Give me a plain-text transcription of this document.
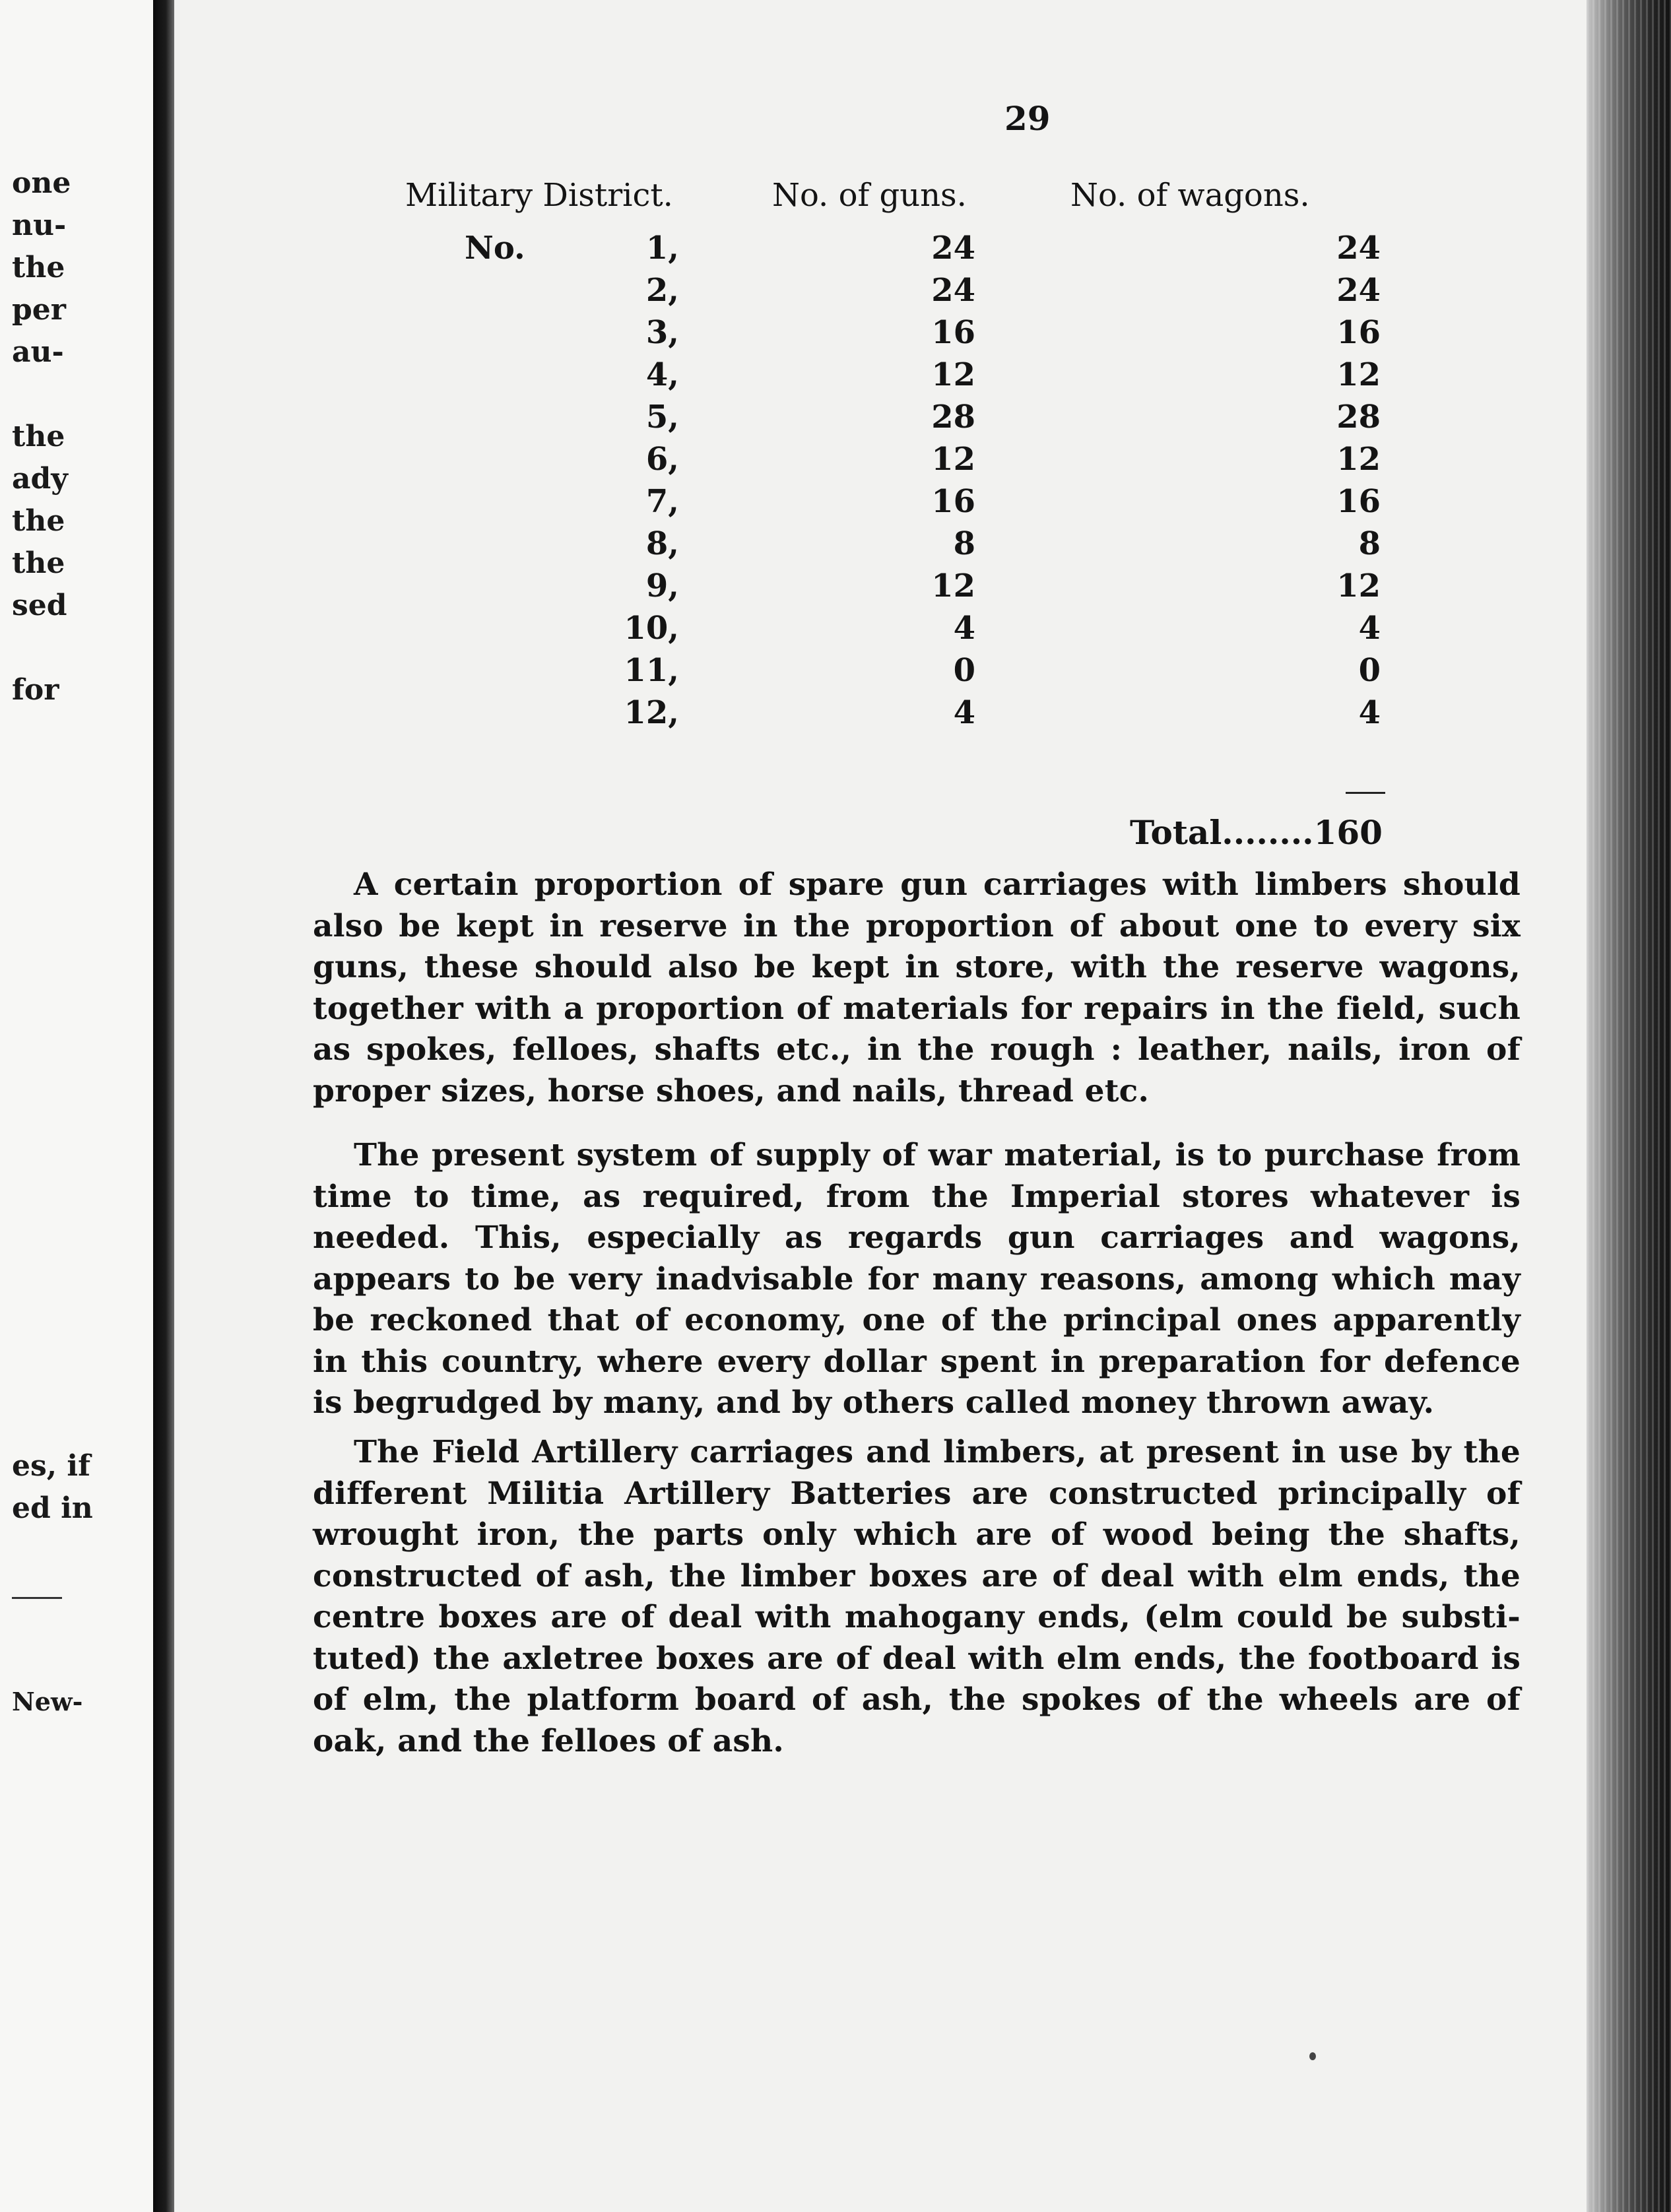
one
nu-
the
per
au-
the
ady
the
the
sed
for
es, if
ed in
New-

29
Military District.	No. of guns.	No. of wagons.
No.	1,	24	24
2,	24	24
3,	16	16
4,	12	12
5,	28	28
6,	12	12
7,	16	16
8,	8	8
9,	12	12
10,	4	4
11,	0	0
12,	4	4
Total........160
A certain proportion of spare gun carriages with limbers should
also be kept in reserve in the proportion of about one to every six
guns, these should also be kept in store, with the reserve wagons,
together with a proportion of materials for repairs in the field, such
as spokes, felloes, shafts etc., in the rough : leather, nails, iron of
proper sizes, horse shoes, and nails, thread etc.
The present system of supply of war material, is to purchase from
time to time, as required, from the Imperial stores whatever is
needed. This, especially as regards gun carriages and wagons,
appears to be very inadvisable for many reasons, among which may
be reckoned that of economy, one of the principal ones apparently
in this country, where every dollar spent in preparation for defence
is begrudged by many, and by others called money thrown away.
The Field Artillery carriages and limbers, at present in use by the
different Militia Artillery Batteries are constructed principally of
wrought iron, the parts only which are of wood being the shafts,
constructed of ash, the limber boxes are of deal with elm ends, the
centre boxes are of deal with mahogany ends, (elm could be substi-
tuted) the axletree boxes are of deal with elm ends, the footboard is
of elm, the platform board of ash, the spokes of the wheels are of
oak, and the felloes of ash.
